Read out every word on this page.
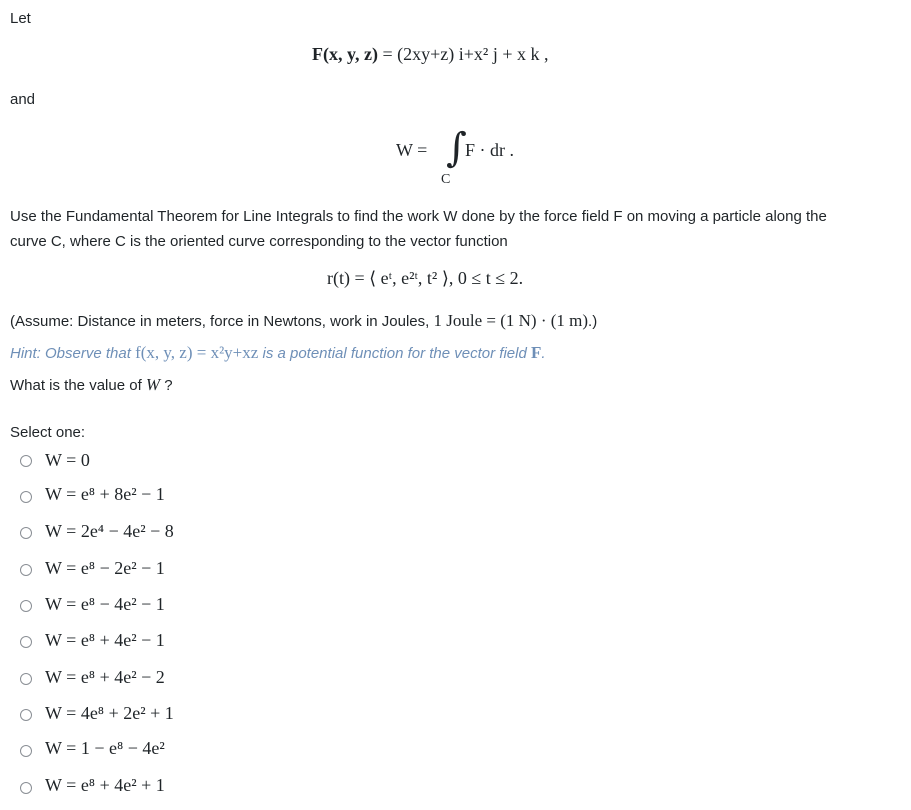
Let
F(x, y, z) = (2xy+z) i+x² j + x k ,
and
W = ∫
F · dr .
C
Use the Fundamental Theorem for Line Integrals to find the work W done by the force field F on moving a particle along the
curve C, where C is the oriented curve corresponding to the vector function
r(t) = ⟨ eᵗ, e²ᵗ, t² ⟩, 0 ≤ t ≤ 2.
(Assume: Distance in meters, force in Newtons, work in Joules, 1 Joule = (1 N) · (1 m).)
Hint: Observe that f(x, y, z) = x²y+xz is a potential function for the vector field F.
What is the value of W ?
Select one:
W = 0
W = e⁸ + 8e² − 1
W = 2e⁴ − 4e² − 8
W = e⁸ − 2e² − 1
W = e⁸ − 4e² − 1
W = e⁸ + 4e² − 1
W = e⁸ + 4e² − 2
W = 4e⁸ + 2e² + 1
W = 1 − e⁸ − 4e²
W = e⁸ + 4e² + 1
